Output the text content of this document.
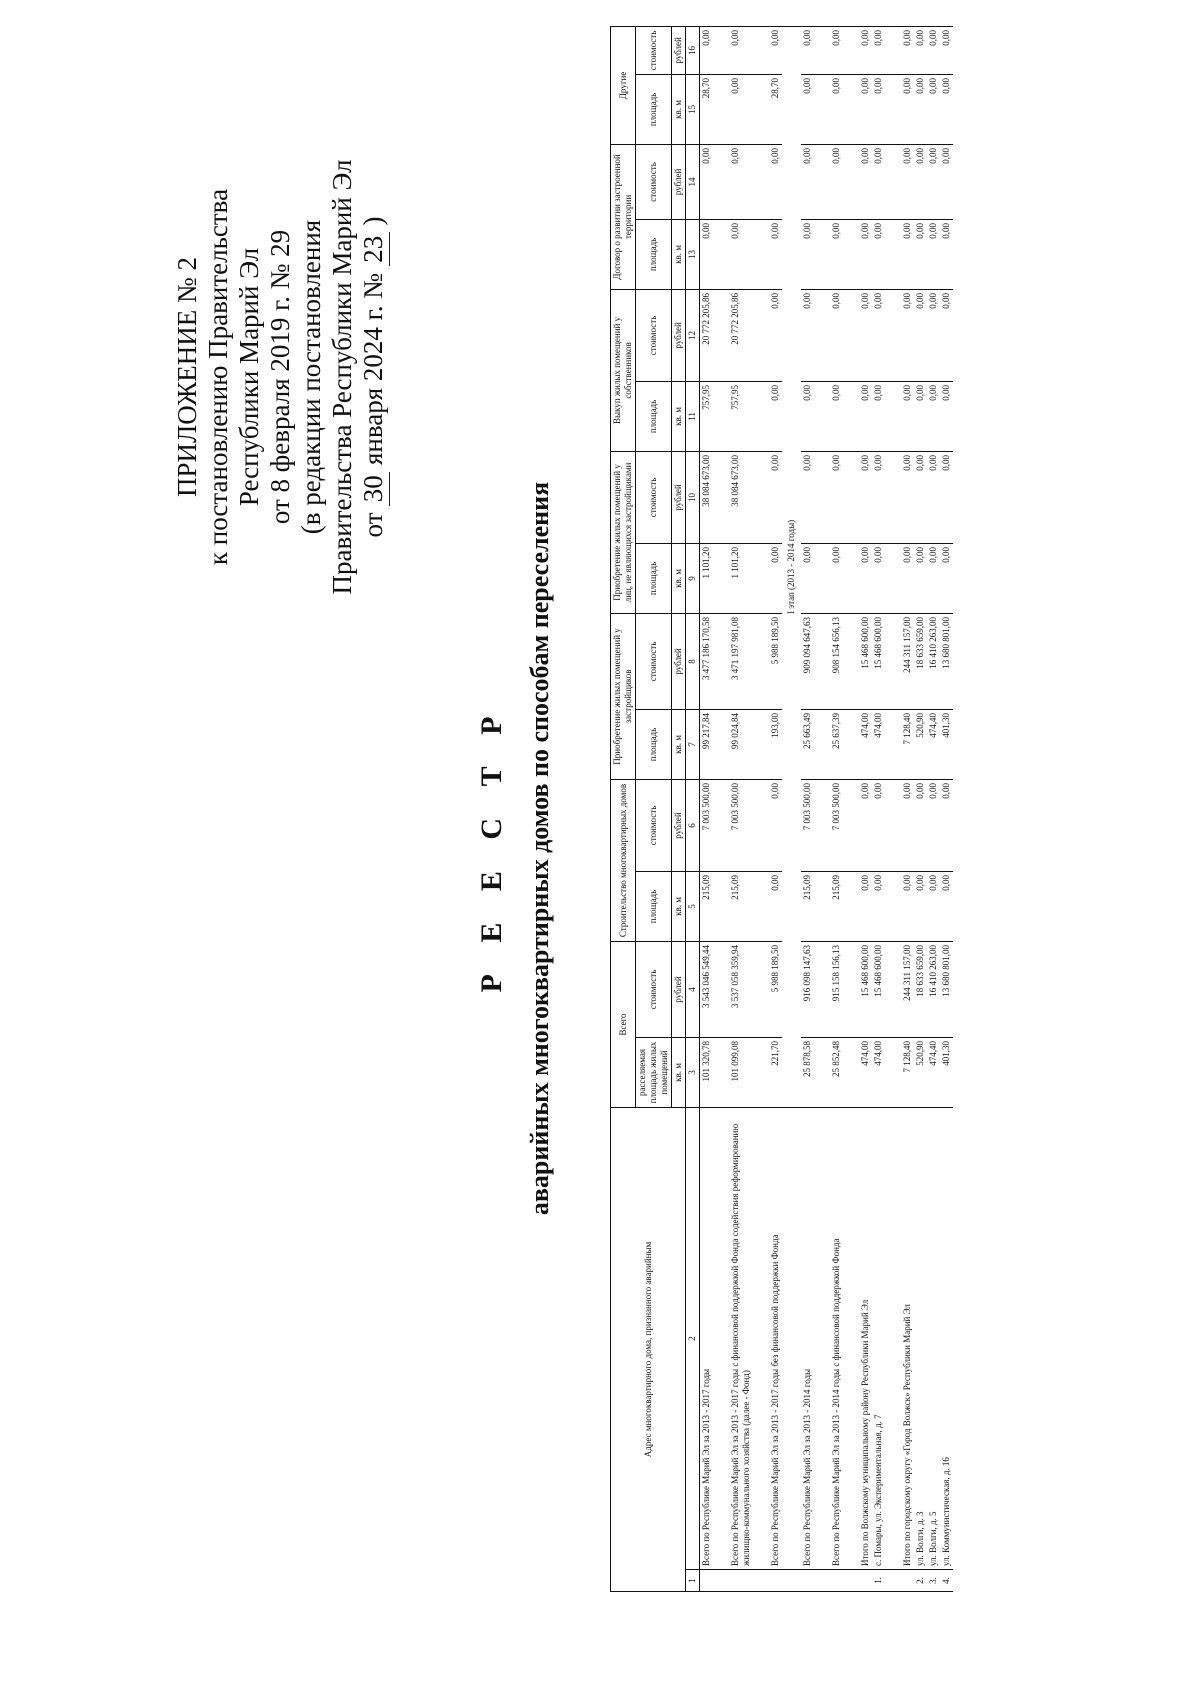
ПРИЛОЖЕНИЕ № 2 к постановлению Правительства Республики Марий Эл от 8 февраля 2019 г. № 29 (в редакции постановления Правительства Республики Марий Эл от 30 января 2024 г. № 23 )
Р Е Е С Т Р аварийных многоквартирных домов по способам переселения
Адрес многоквартирного дома, признанного аварийным		Всего		Строительство многоквартирных домов		Приобретение жилых помещений у застройщиков		Приобретение жилых помещений у лиц, не являющихся застройщиками		Выкуп жилых помещений у собственников		Договор о развитии застроенной территории		Другие	
		расселяемая площадь жилых помещений	стоимость	площадь	стоимость	площадь	стоимость	площадь	стоимость	площадь	стоимость	площадь	стоимость	площадь	стоимость
		кв. м	рублей	кв. м	рублей	кв. м	рублей	кв. м	рублей	кв. м	рублей	кв. м	рублей	кв. м	рублей
1	2	3	4	5	6	7	8	9	10	11	12	13	14	15	16
	Всего по Республике Марий Эл за 2013 - 2017 годы	101 320,78	3 543 046 549,44	215,09	7 003 500,00	99 217,84	3 477 186 170,58	1 101,20	38 084 673,00	757,95	20 772 205,86	0,00	0,00	28,70	0,00

	Всего по Республике Марий Эл за 2013 - 2017 годы с финансовой поддержкой Фонда содействия реформированию жилищно-коммунального хозяйства (далее - Фонд)	101 099,08	3 537 058 359,94	215,09	7 003 500,00	99 024,84	3 471 197 981,08	1 101,20	38 084 673,00	757,95	20 772 205,86	0,00	0,00	0,00	0,00

	Всего по Республике Марий Эл за 2013 - 2017 годы без финансовой поддержки Фонда	221,70	5 988 189,50	0,00	0,00	193,00	5 988 189,50	0,00	0,00	0,00	0,00	0,00	0,00	28,70	0,00
		I этап (2013 - 2014 годы)													
	Всего по Республике Марий Эл за 2013 - 2014 годы	25 878,58	916 098 147,63	215,09	7 003 500,00	25 663,49	909 094 647,63	0,00	0,00	0,00	0,00	0,00	0,00	0,00	0,00

	Всего по Республике Марий Эл за 2013 - 2014 годы с финансовой поддержкой Фонда	25 852,48	915 158 156,13	215,09	7 003 500,00	25 637,39	908 154 656,13	0,00	0,00	0,00	0,00	0,00	0,00	0,00	0,00

	Итого по Волжскому муниципальному району Республики Марий Эл	474,00	15 468 600,00	0,00	0,00	474,00	15 468 600,00	0,00	0,00	0,00	0,00	0,00	0,00	0,00	0,00
1.	с. Помары, ул. Экспериментальная, д. 7	474,00	15 468 600,00	0,00	0,00	474,00	15 468 600,00	0,00	0,00	0,00	0,00	0,00	0,00	0,00	0,00

	Итого по городскому округу «Город Волжск» Республики Марий Эл	7 128,40	244 311 157,00	0,00	0,00	7 128,40	244 311 157,00	0,00	0,00	0,00	0,00	0,00	0,00	0,00	0,00
2.	ул. Волги, д. 3	520,90	18 633 659,00	0,00	0,00	520,90	18 633 659,00	0,00	0,00	0,00	0,00	0,00	0,00	0,00	0,00
3.	ул. Волги, д. 5	474,40	16 410 263,00	0,00	0,00	474,40	16 410 263,00	0,00	0,00	0,00	0,00	0,00	0,00	0,00	0,00
4.	ул. Коммунистическая, д. 16	401,30	13 680 801,00	0,00	0,00	401,30	13 680 801,00	0,00	0,00	0,00	0,00	0,00	0,00	0,00	0,00
